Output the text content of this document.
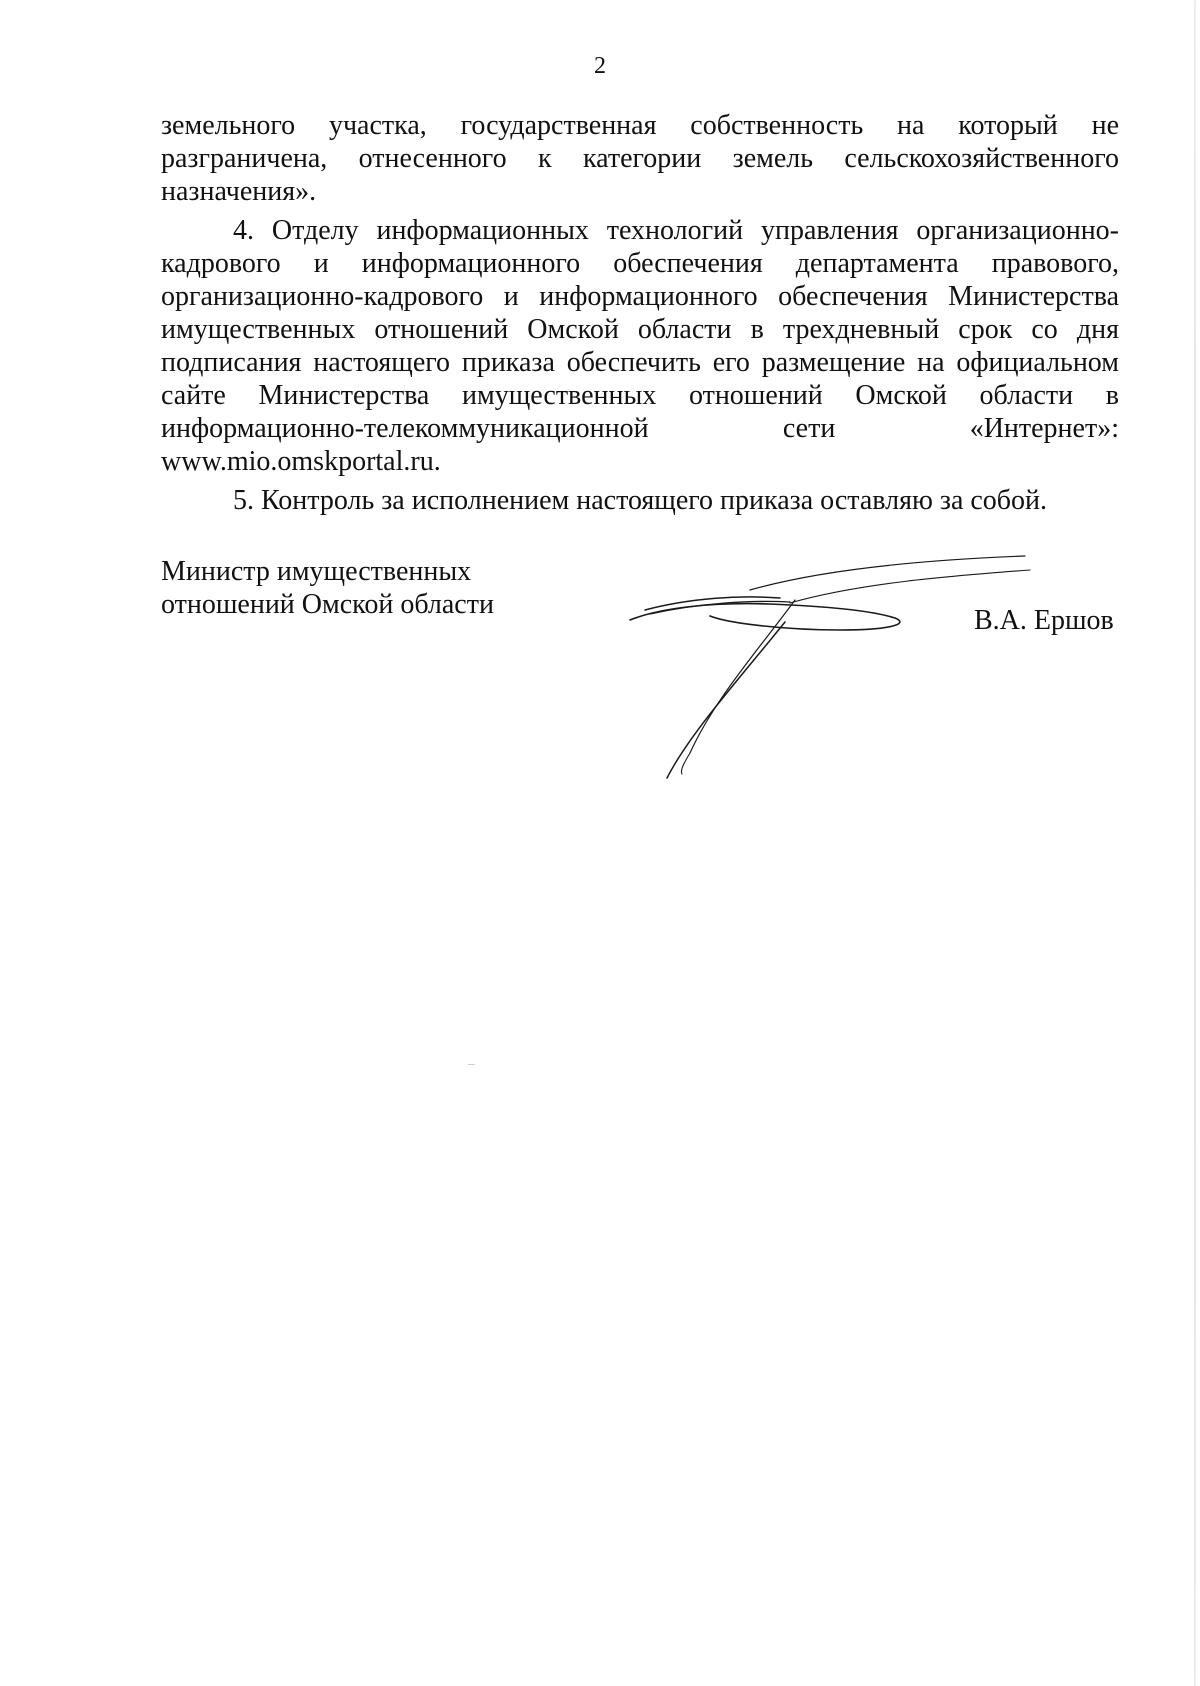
2

земельного участка, государственная собственность на который не разграничена, отнесенного к категории земель сельскохозяйственного назначения».

4. Отделу информационных технологий управления организационно-кадрового и информационного обеспечения департамента правового, организационно-кадрового и информационного обеспечения Министерства имущественных отношений Омской области в трехдневный срок со дня подписания настоящего приказа обеспечить его размещение на официальном сайте Министерства имущественных отношений Омской области в информационно-телекоммуникационной сети «Интернет»: www.mio.omskportal.ru.

5. Контроль за исполнением настоящего приказа оставляю за собой.

Министр имущественных
отношений Омской области
В.А. Ершов
